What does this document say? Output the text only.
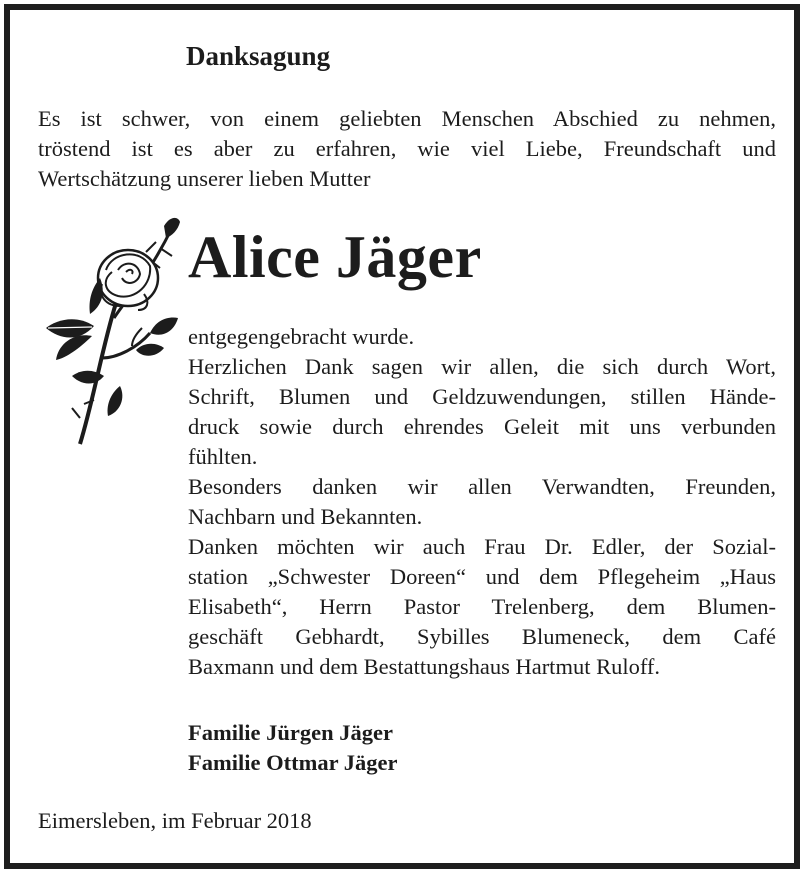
Danksagung

Es ist schwer, von einem geliebten Menschen Abschied zu nehmen,

tröstend ist es aber zu erfahren, wie viel Liebe, Freundschaft und

Wertschätzung unserer lieben Mutter

Alice Jäger

entgegengebracht wurde.

Herzlichen Dank sagen wir allen, die sich durch Wort,

Schrift, Blumen und Geldzuwendungen, stillen Hände-

druck sowie durch ehrendes Geleit mit uns verbunden

fühlten.

Besonders danken wir allen Verwandten, Freunden,

Nachbarn und Bekannten.

Danken möchten wir auch Frau Dr. Edler, der Sozial-

station „Schwester Doreen“ und dem Pflegeheim „Haus

Elisabeth“, Herrn Pastor Trelenberg, dem Blumen-

geschäft Gebhardt, Sybilles Blumeneck, dem Café

Baxmann und dem Bestattungshaus Hartmut Ruloff.

Familie Jürgen Jäger

Familie Ottmar Jäger

Eimersleben, im Februar 2018
